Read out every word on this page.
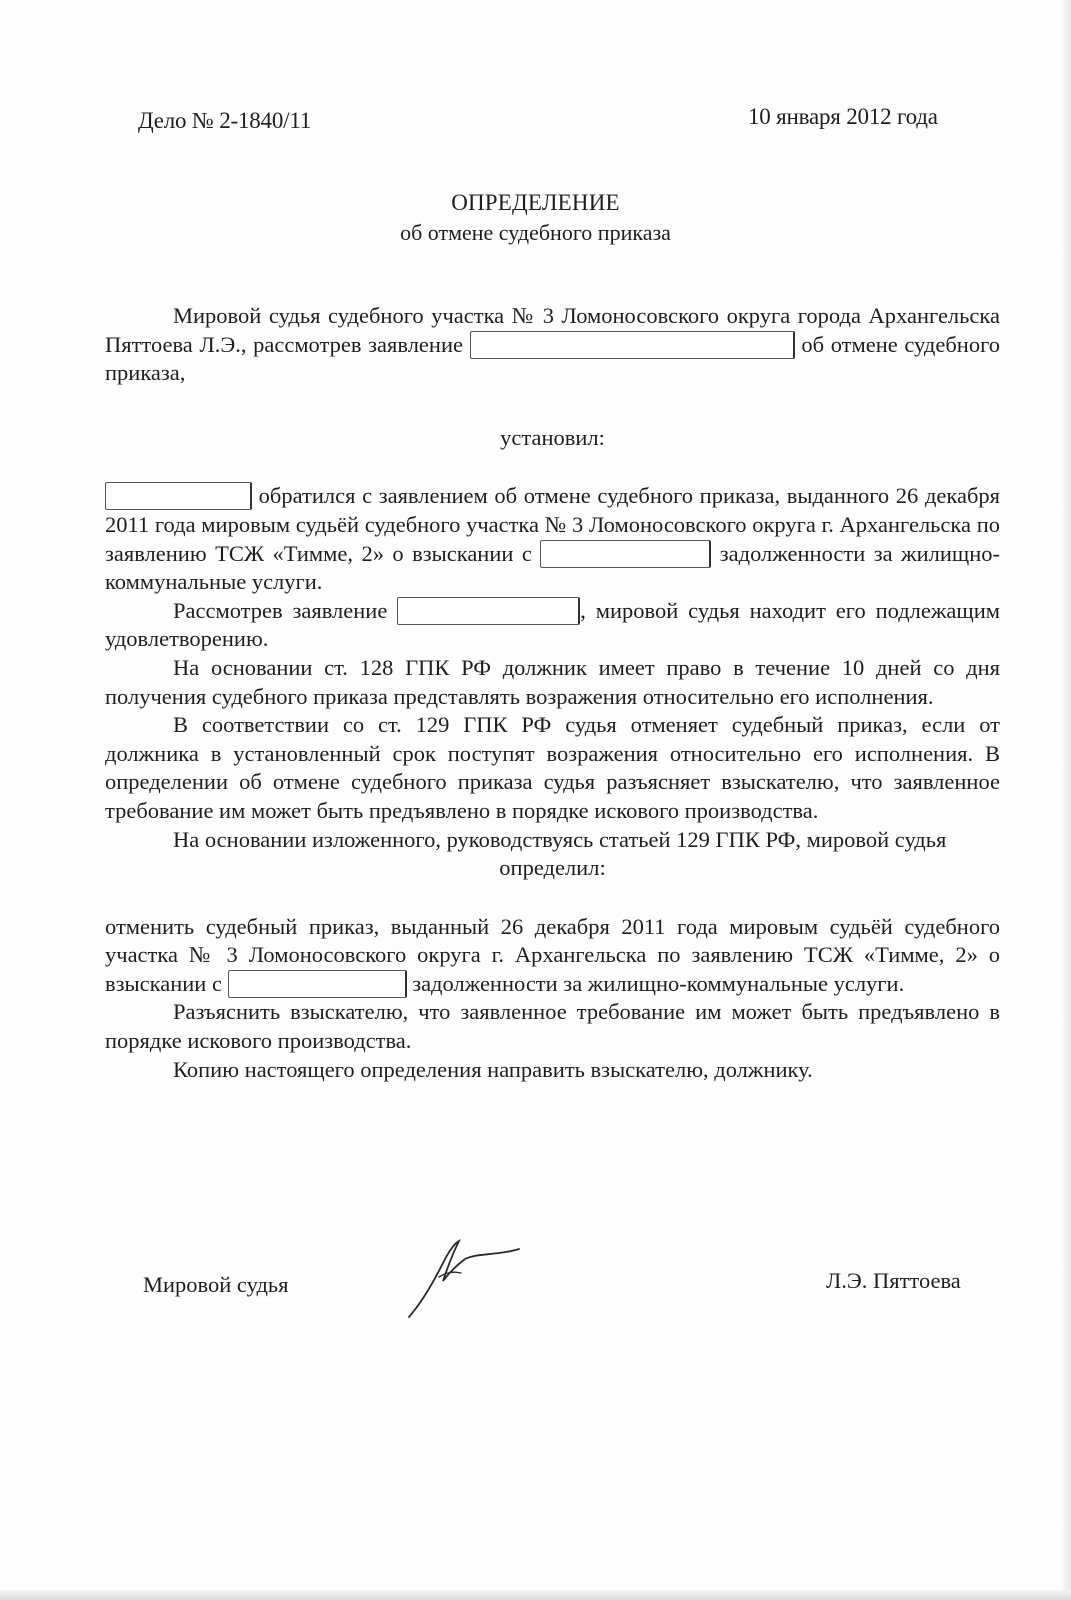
Дело № 2-1840/11	10 января 2012 года
ОПРЕДЕЛЕНИЕ
об отмене судебного приказа

Мировой судья судебного участка № 3 Ломоносовского округа города Архангельска Пяттоева Л.Э., рассмотрев заявление	об отмене судебного приказа,

установил:

обратился с заявлением об отмене судебного приказа, выданного 26 декабря 2011 года мировым судьёй судебного участка № 3 Ломоносовского округа г. Архангельска по заявлению ТСЖ «Тимме, 2» о взыскании с	задолженности за жилищно-коммунальные услуги.

Рассмотрев заявление	, мировой судья находит его подлежащим удовлетворению.

На основании ст. 128 ГПК РФ должник имеет право в течение 10 дней со дня получения судебного приказа представлять возражения относительно его исполнения.

В соответствии со ст. 129 ГПК РФ судья отменяет судебный приказ, если от должника в установленный срок поступят возражения относительно его исполнения. В определении об отмене судебного приказа судья разъясняет взыскателю, что заявленное требование им может быть предъявлено в порядке искового производства.

На основании изложенного, руководствуясь статьей 129 ГПК РФ, мировой судья

определил:

отменить судебный приказ, выданный 26 декабря 2011 года мировым судьёй судебного участка № 3 Ломоносовского округа г. Архангельска по заявлению ТСЖ «Тимме, 2» о взыскании с	задолженности за жилищно-коммунальные услуги.

Разъяснить взыскателю, что заявленное требование им может быть предъявлено в порядке искового производства.

Копию настоящего определения направить взыскателю, должнику.

Мировой судья	Л.Э. Пяттоева
